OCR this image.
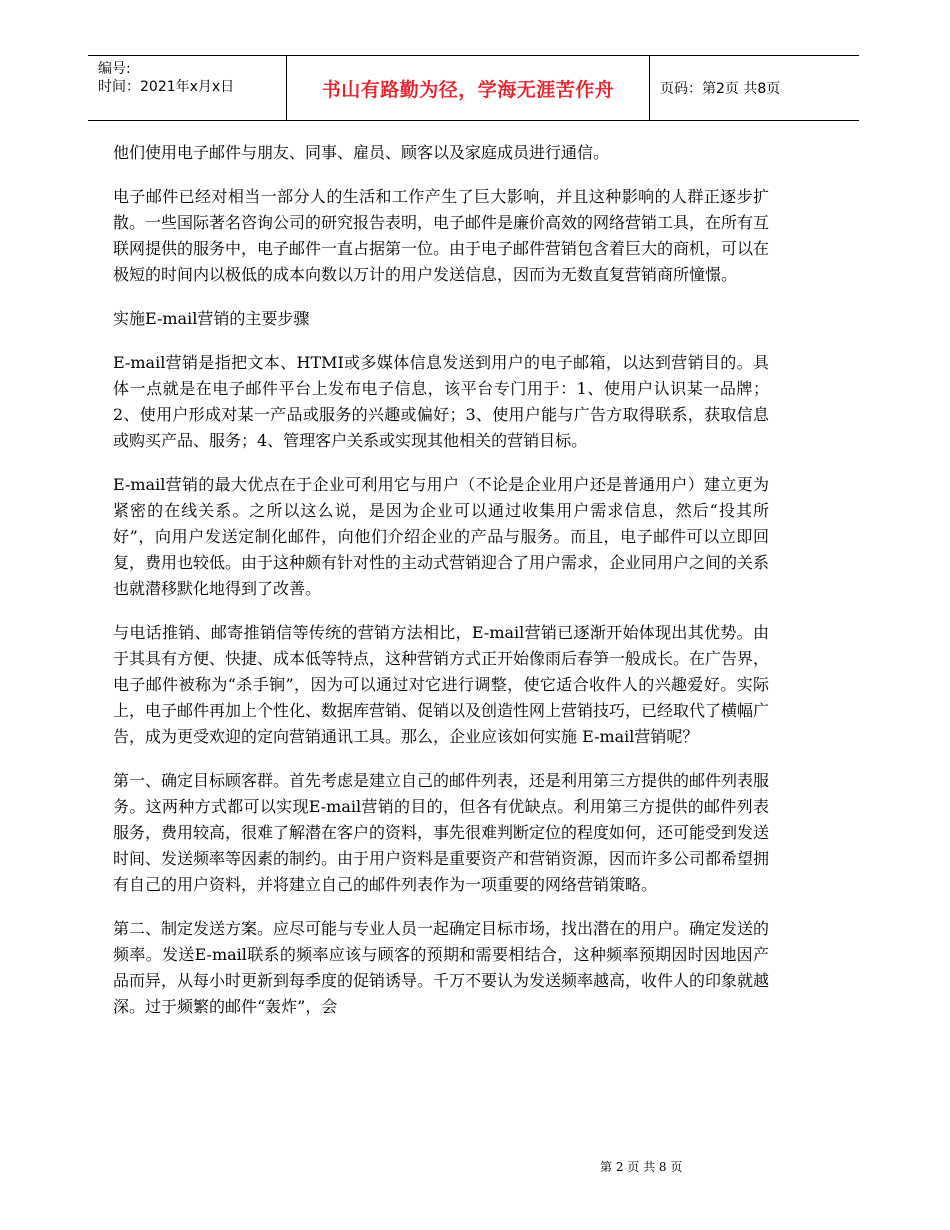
编号:
时间：2021年x月x日	书山有路勤为径，学海无涯苦作舟	页码：第2页 共8页

他们使用电子邮件与朋友、同事、雇员、顾客以及家庭成员进行通信。

电子邮件已经对相当一部分人的生活和工作产生了巨大影响，并且这种影响的人群正逐步扩散。一些国际著名咨询公司的研究报告表明，电子邮件是廉价高效的网络营销工具，在所有互联网提供的服务中，电子邮件一直占据第一位。由于电子邮件营销包含着巨大的商机，可以在极短的时间内以极低的成本向数以万计的用户发送信息，因而为无数直复营销商所憧憬。

实施E-mail营销的主要步骤

E-mail营销是指把文本、HTMI或多媒体信息发送到用户的电子邮箱，以达到营销目的。具体一点就是在电子邮件平台上发布电子信息，该平台专门用于：1、使用户认识某一品牌；2、使用户形成对某一产品或服务的兴趣或偏好；3、使用户能与广告方取得联系，获取信息或购买产品、服务；4、管理客户关系或实现其他相关的营销目标。

E-mail营销的最大优点在于企业可利用它与用户（不论是企业用户还是普通用户）建立更为紧密的在线关系。之所以这么说，是因为企业可以通过收集用户需求信息，然后“投其所好”，向用户发送定制化邮件，向他们介绍企业的产品与服务。而且，电子邮件可以立即回复，费用也较低。由于这种颇有针对性的主动式营销迎合了用户需求，企业同用户之间的关系也就潜移默化地得到了改善。

与电话推销、邮寄推销信等传统的营销方法相比，E-mail营销已逐渐开始体现出其优势。由于其具有方便、快捷、成本低等特点，这种营销方式正开始像雨后春笋一般成长。在广告界，电子邮件被称为“杀手锏”，因为可以通过对它进行调整，使它适合收件人的兴趣爱好。实际上，电子邮件再加上个性化、数据库营销、促销以及创造性网上营销技巧，已经取代了横幅广告，成为更受欢迎的定向营销通讯工具。那么，企业应该如何实施 E-mail营销呢？

第一、确定目标顾客群。首先考虑是建立自己的邮件列表，还是利用第三方提供的邮件列表服务。这两种方式都可以实现E-mail营销的目的，但各有优缺点。利用第三方提供的邮件列表服务，费用较高，很难了解潜在客户的资料，事先很难判断定位的程度如何，还可能受到发送时间、发送频率等因素的制约。由于用户资料是重要资产和营销资源，因而许多公司都希望拥有自己的用户资料，并将建立自己的邮件列表作为一项重要的网络营销策略。

第二、制定发送方案。应尽可能与专业人员一起确定目标市场，找出潜在的用户。确定发送的频率。发送E-mail联系的频率应该与顾客的预期和需要相结合，这种频率预期因时因地因产品而异，从每小时更新到每季度的促销诱导。千万不要认为发送频率越高，收件人的印象就越深。过于频繁的邮件“轰炸”，会

第 2 页 共 8 页
